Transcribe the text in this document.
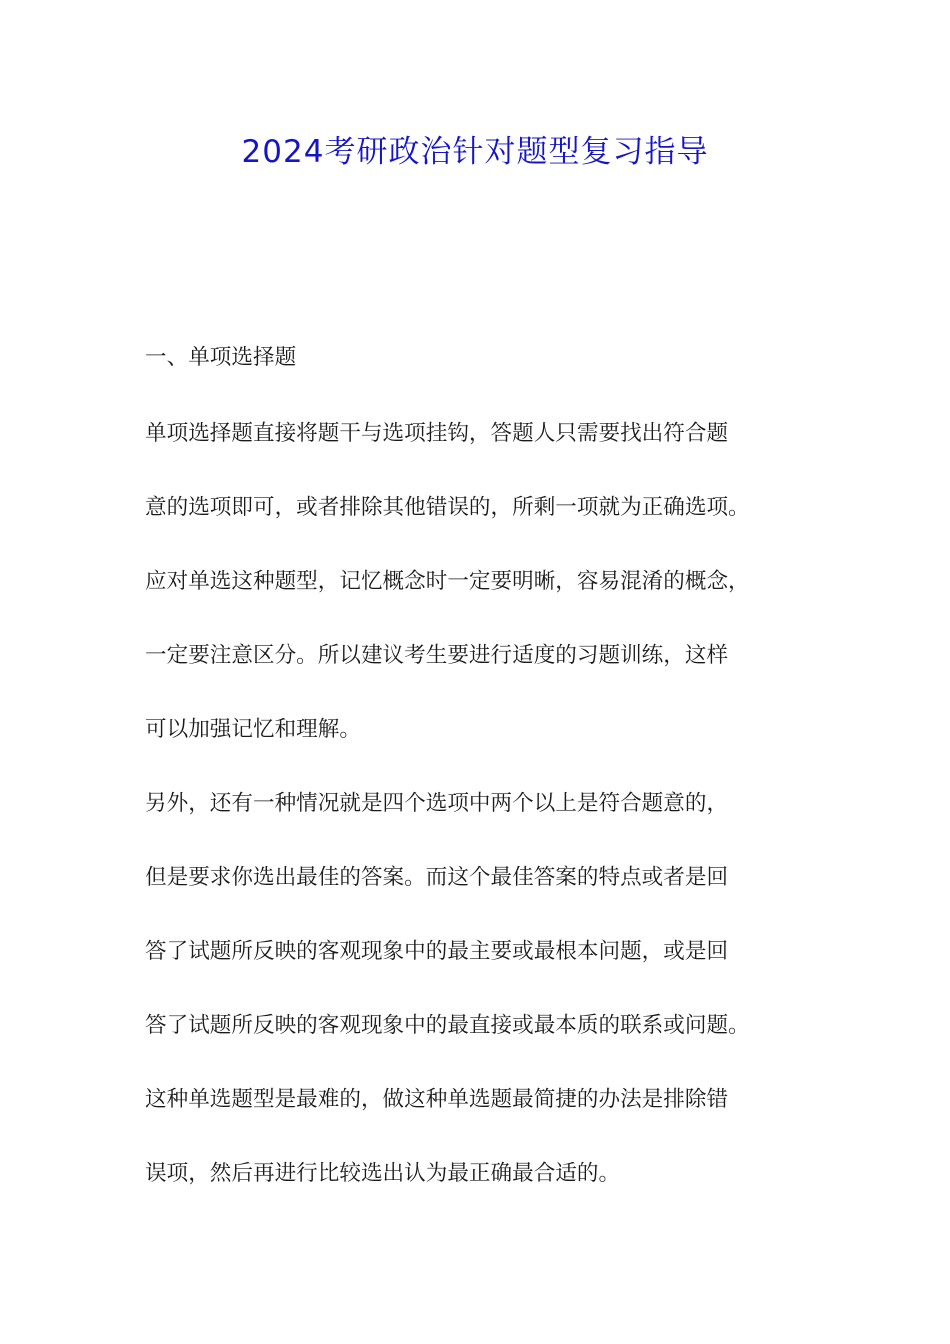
2024考研政治针对题型复习指导
一、单项选择题
单项选择题直接将题干与选项挂钩，答题人只需要找出符合题
意的选项即可，或者排除其他错误的，所剩一项就为正确选项。
应对单选这种题型，记忆概念时一定要明晰，容易混淆的概念，
一定要注意区分。所以建议考生要进行适度的习题训练，这样
可以加强记忆和理解。
另外，还有一种情况就是四个选项中两个以上是符合题意的，
但是要求你选出最佳的答案。而这个最佳答案的特点或者是回
答了试题所反映的客观现象中的最主要或最根本问题，或是回
答了试题所反映的客观现象中的最直接或最本质的联系或问题。
这种单选题型是最难的，做这种单选题最简捷的办法是排除错
误项，然后再进行比较选出认为最正确最合适的。
